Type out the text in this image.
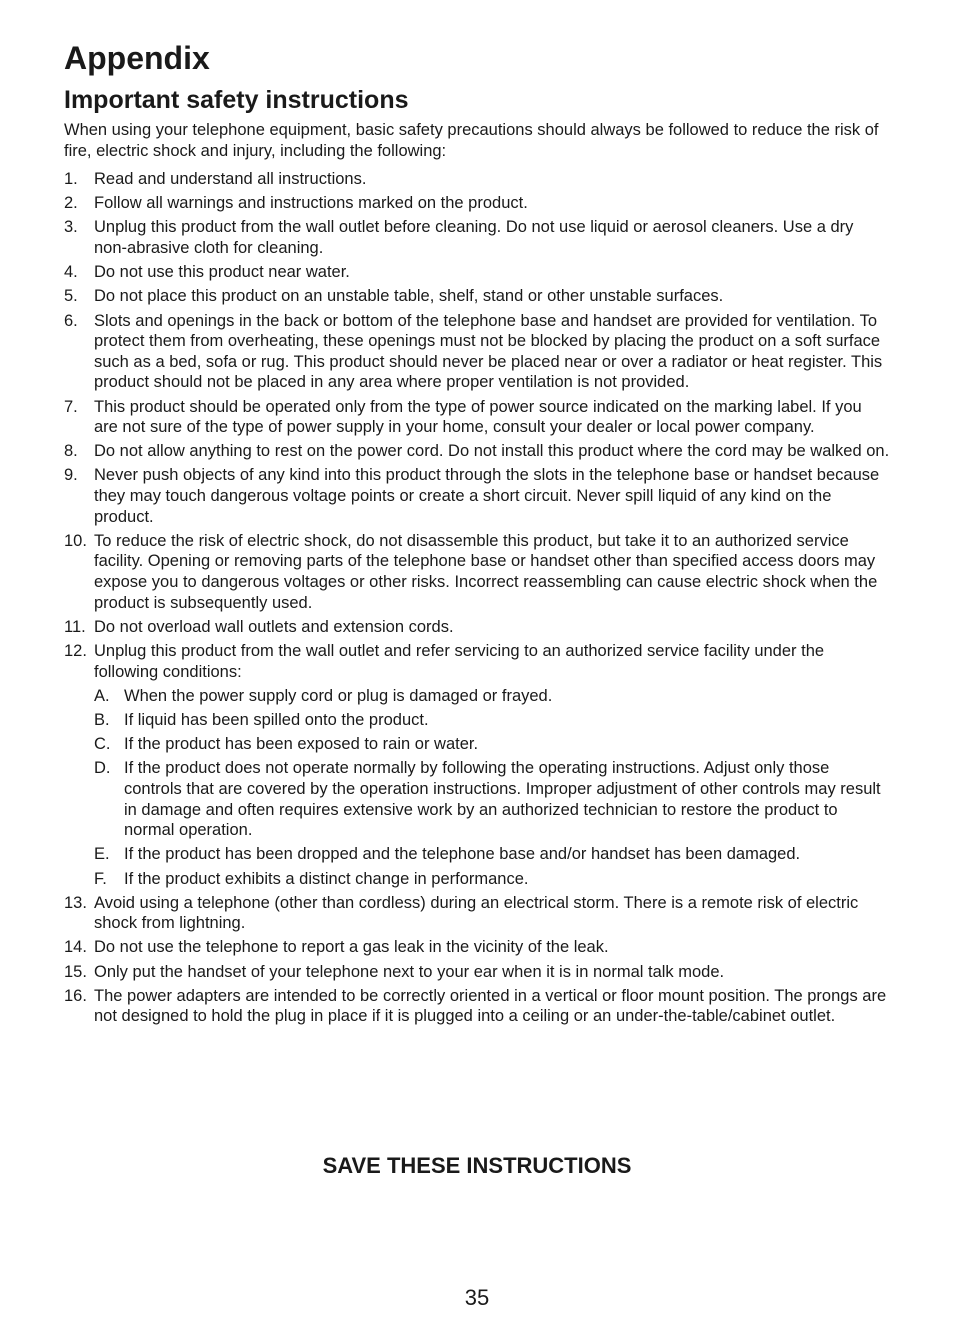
Appendix
Important safety instructions

When using your telephone equipment, basic safety precautions should always be followed to reduce the risk of fire, electric shock and injury, including the following:

1. Read and understand all instructions.
2. Follow all warnings and instructions marked on the product.
3. Unplug this product from the wall outlet before cleaning. Do not use liquid or aerosol cleaners. Use a dry non-abrasive cloth for cleaning.
4. Do not use this product near water.
5. Do not place this product on an unstable table, shelf, stand or other unstable surfaces.
6. Slots and openings in the back or bottom of the telephone base and handset are provided for ventilation. To protect them from overheating, these openings must not be blocked by placing the product on a soft surface such as a bed, sofa or rug. This product should never be placed near or over a radiator or heat register. This product should not be placed in any area where proper ventilation is not provided.
7. This product should be operated only from the type of power source indicated on the marking label. If you are not sure of the type of power supply in your home, consult your dealer or local power company.
8. Do not allow anything to rest on the power cord. Do not install this product where the cord may be walked on.
9. Never push objects of any kind into this product through the slots in the telephone base or handset because they may touch dangerous voltage points or create a short circuit. Never spill liquid of any kind on the product.
10. To reduce the risk of electric shock, do not disassemble this product, but take it to an authorized service facility. Opening or removing parts of the telephone base or handset other than specified access doors may expose you to dangerous voltages or other risks. Incorrect reassembling can cause electric shock when the product is subsequently used.
11. Do not overload wall outlets and extension cords.
12. Unplug this product from the wall outlet and refer servicing to an authorized service facility under the following conditions:
A. When the power supply cord or plug is damaged or frayed.
B. If liquid has been spilled onto the product.
C. If the product has been exposed to rain or water.
D. If the product does not operate normally by following the operating instructions. Adjust only those controls that are covered by the operation instructions. Improper adjustment of other controls may result in damage and often requires extensive work by an authorized technician to restore the product to normal operation.
E. If the product has been dropped and the telephone base and/or handset has been damaged.
F. If the product exhibits a distinct change in performance.
13. Avoid using a telephone (other than cordless) during an electrical storm. There is a remote risk of electric shock from lightning.
14. Do not use the telephone to report a gas leak in the vicinity of the leak.
15. Only put the handset of your telephone next to your ear when it is in normal talk mode.
16. The power adapters are intended to be correctly oriented in a vertical or floor mount position. The prongs are not designed to hold the plug in place if it is plugged into a ceiling or an under-the-table/cabinet outlet.

SAVE THESE INSTRUCTIONS

35
